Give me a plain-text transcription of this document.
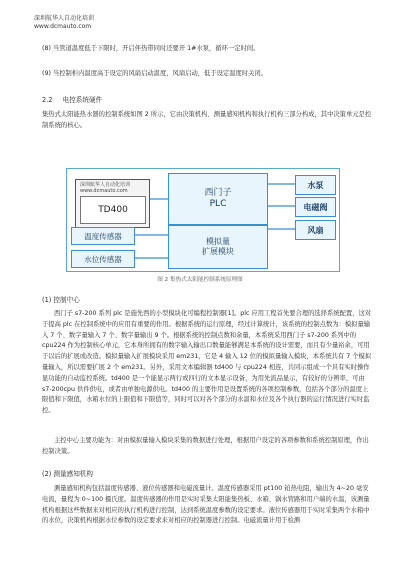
深圳航华人自动化培训
www.dcmauto.com
(8) 当管道温度低于下限时，开启伴热带同时还要开 1#水泵，循环一定时间。
(9) 当控制柜内温度高于设定的风扇启动温度，风扇启动，低于设定温度时关闭。
2.2 电控系统硬件
集热式太阳能热水器的控制系统如图 2 所示，它由决策机构、测量感知机构和执行机构三部分构成，其中决策单元是控制系统的核心。
深圳航华人自动化培训
www.dcmauto.com
TD400
西门子
PLC
模拟量
扩展模块
温度传感器
水位传感器
水泵
电磁阀
风扇
图 2 集热式太阳能控制系统原理图
(1) 控制中心
西门子 s7-200 系列 plc 是施先西的小型模块化可编程控制器[1]。plc 应用工程首先要合理的选择系统配置，这对于提高 plc 在控制系统中的应用有重要的作用。根据系统的运行原理，经过计算统计，该系统的控制点数为：模拟量输入 7 个、数字量输入 7 个、数字量输出 9 个。根据系统的控制点数和余量，本系统采用西门子 s7-200 系列中的 cpu224 作为控制核心单元，它本身所拥有的数字输入输出口数量能够满足本系统的设计需要，而且有少量裕余，可用于以后的扩展或改造。模拟量输入扩展模块采用 em231，它是 4 输入 12 位的模拟量输入模块，本系统共有 7 个模拟量输入，所以需要扩展 2 个 em231。另外，采用文本编辑器 td400 与 cpu224 相连，共同示组成一个具有实时操作显功能的自动监控系统。td400 是一个能显示两行或四行的文本显示设备，为用先流品显示，有较好的分辨率，可由 s7-200cpu 供件供电，或者由单独电源供电。td400 的主要作用是设置系统的各项控制参数，包括各个部分的温度上限值和下限值，水箱水位的上限值和下限值等，同时可以对各个部分的水温和水位及各个执行器的运行情况进行实时监控。
主控中心主要功能为：对由模拟量输入模块采集的数据进行处理，根据用户设定的各项参数和系统控制原理，作出控制决策。
(2) 测量感知机构
测量感知机构包括温度传感器、液位传感器和电磁流量计。温度传感器采用 pt100 铂热电阻，输出为 4~20 毫安电流，量程为 0~100 摄氏度。温度传感器的作用是实时采集太阳能集热板、水箱、锅水管路和用户端的水温，该测量机构根据这些数据来对相应的执行机构进行控制，达到系统温度参数的设定要求。液位传感器用于实时采集两个水箱中的水位，决策机构根据水位参数的设定要求来对相应的控制器进行控制。电磁流量计用于检测
